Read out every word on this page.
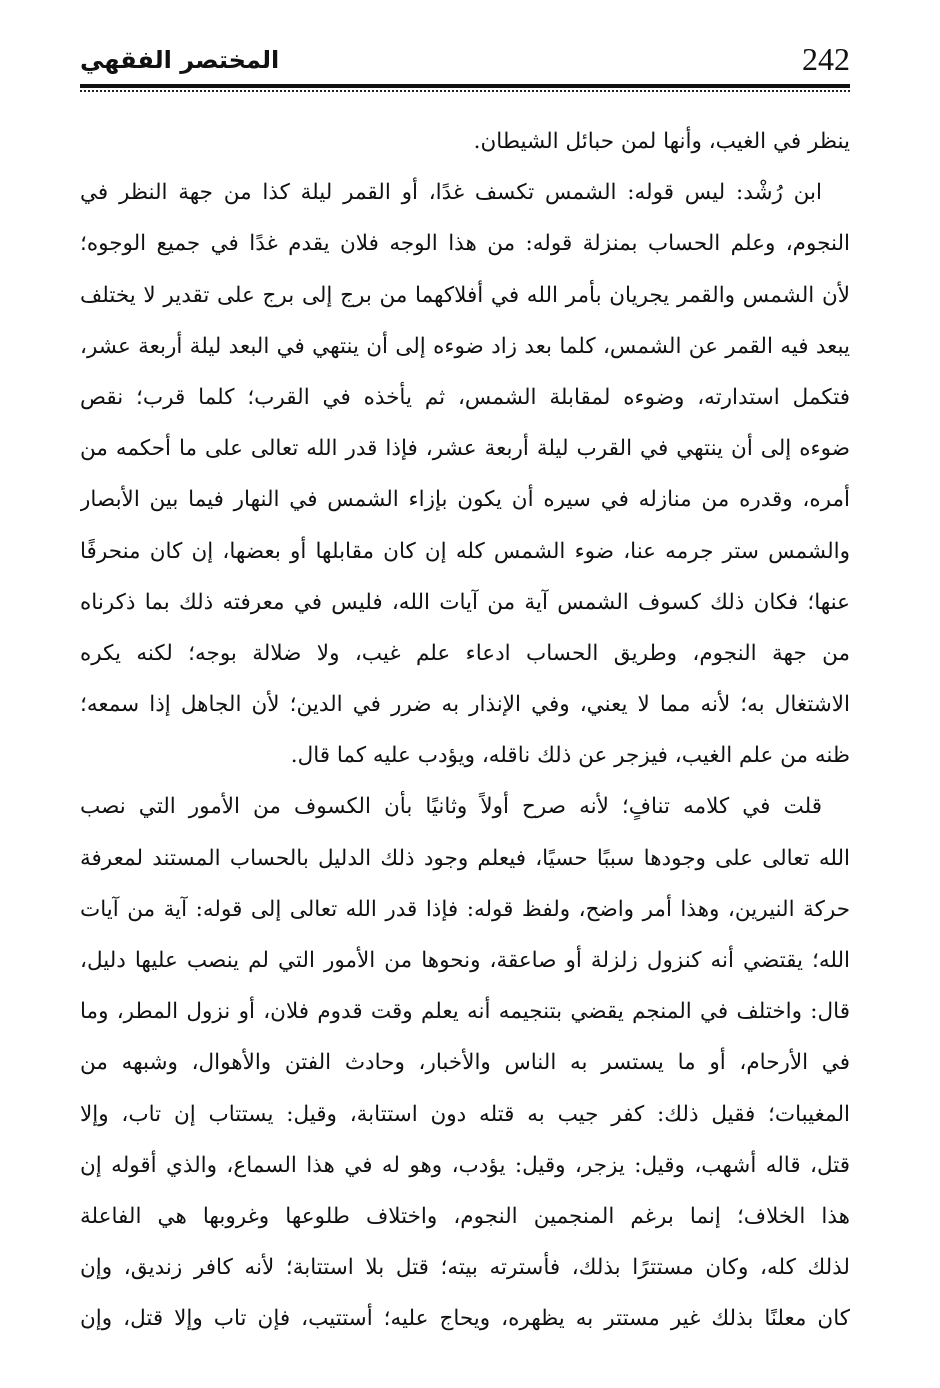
المختصر الفقهي	242
ينظر في الغيب، وأنها لمن حبائل الشيطان.
ابن رُشْد: ليس قوله: الشمس تكسف غدًا، أو القمر ليلة كذا من جهة النظر في
النجوم، وعلم الحساب بمنزلة قوله: من هذا الوجه فلان يقدم غدًا في جميع الوجوه؛
لأن الشمس والقمر يجريان بأمر الله في أفلاكهما من برج إلى برج على تقدير لا يختلف
يبعد فيه القمر عن الشمس، كلما بعد زاد ضوءه إلى أن ينتهي في البعد ليلة أربعة عشر،
فتكمل استدارته، وضوءه لمقابلة الشمس، ثم يأخذه في القرب؛ كلما قرب؛ نقص
ضوءه إلى أن ينتهي في القرب ليلة أربعة عشر، فإذا قدر الله تعالى على ما أحكمه من
أمره، وقدره من منازله في سيره أن يكون بإزاء الشمس في النهار فيما بين الأبصار
والشمس ستر جرمه عنا، ضوء الشمس كله إن كان مقابلها أو بعضها، إن كان منحرفًا
عنها؛ فكان ذلك كسوف الشمس آية من آيات الله، فليس في معرفته ذلك بما ذكرناه
من جهة النجوم، وطريق الحساب ادعاء علم غيب، ولا ضلالة بوجه؛ لكنه يكره
الاشتغال به؛ لأنه مما لا يعني، وفي الإنذار به ضرر في الدين؛ لأن الجاهل إذا سمعه؛
ظنه من علم الغيب، فيزجر عن ذلك ناقله، ويؤدب عليه كما قال.
قلت في كلامه تنافٍ؛ لأنه صرح أولاً وثانيًا بأن الكسوف من الأمور التي نصب
الله تعالى على وجودها سببًا حسيًا، فيعلم وجود ذلك الدليل بالحساب المستند لمعرفة
حركة النيرين، وهذا أمر واضح، ولفظ قوله: فإذا قدر الله تعالى إلى قوله: آية من آيات
الله؛ يقتضي أنه كنزول زلزلة أو صاعقة، ونحوها من الأمور التي لم ينصب عليها دليل،
قال: واختلف في المنجم يقضي بتنجيمه أنه يعلم وقت قدوم فلان، أو نزول المطر، وما
في الأرحام، أو ما يستسر به الناس والأخبار، وحادث الفتن والأهوال، وشبهه من
المغيبات؛ فقيل ذلك: كفر جيب به قتله دون استتابة، وقيل: يستتاب إن تاب، وإلا
قتل، قاله أشهب، وقيل: يزجر، وقيل: يؤدب، وهو له في هذا السماع، والذي أقوله إن
هذا الخلاف؛ إنما برغم المنجمين النجوم، واختلاف طلوعها وغروبها هي الفاعلة
لذلك كله، وكان مستترًا بذلك، فأسترته بيته؛ قتل بلا استتابة؛ لأنه كافر زنديق، وإن
كان معلنًا بذلك غير مستتر به يظهره، ويحاج عليه؛ أستتيب، فإن تاب وإلا قتل، وإن
